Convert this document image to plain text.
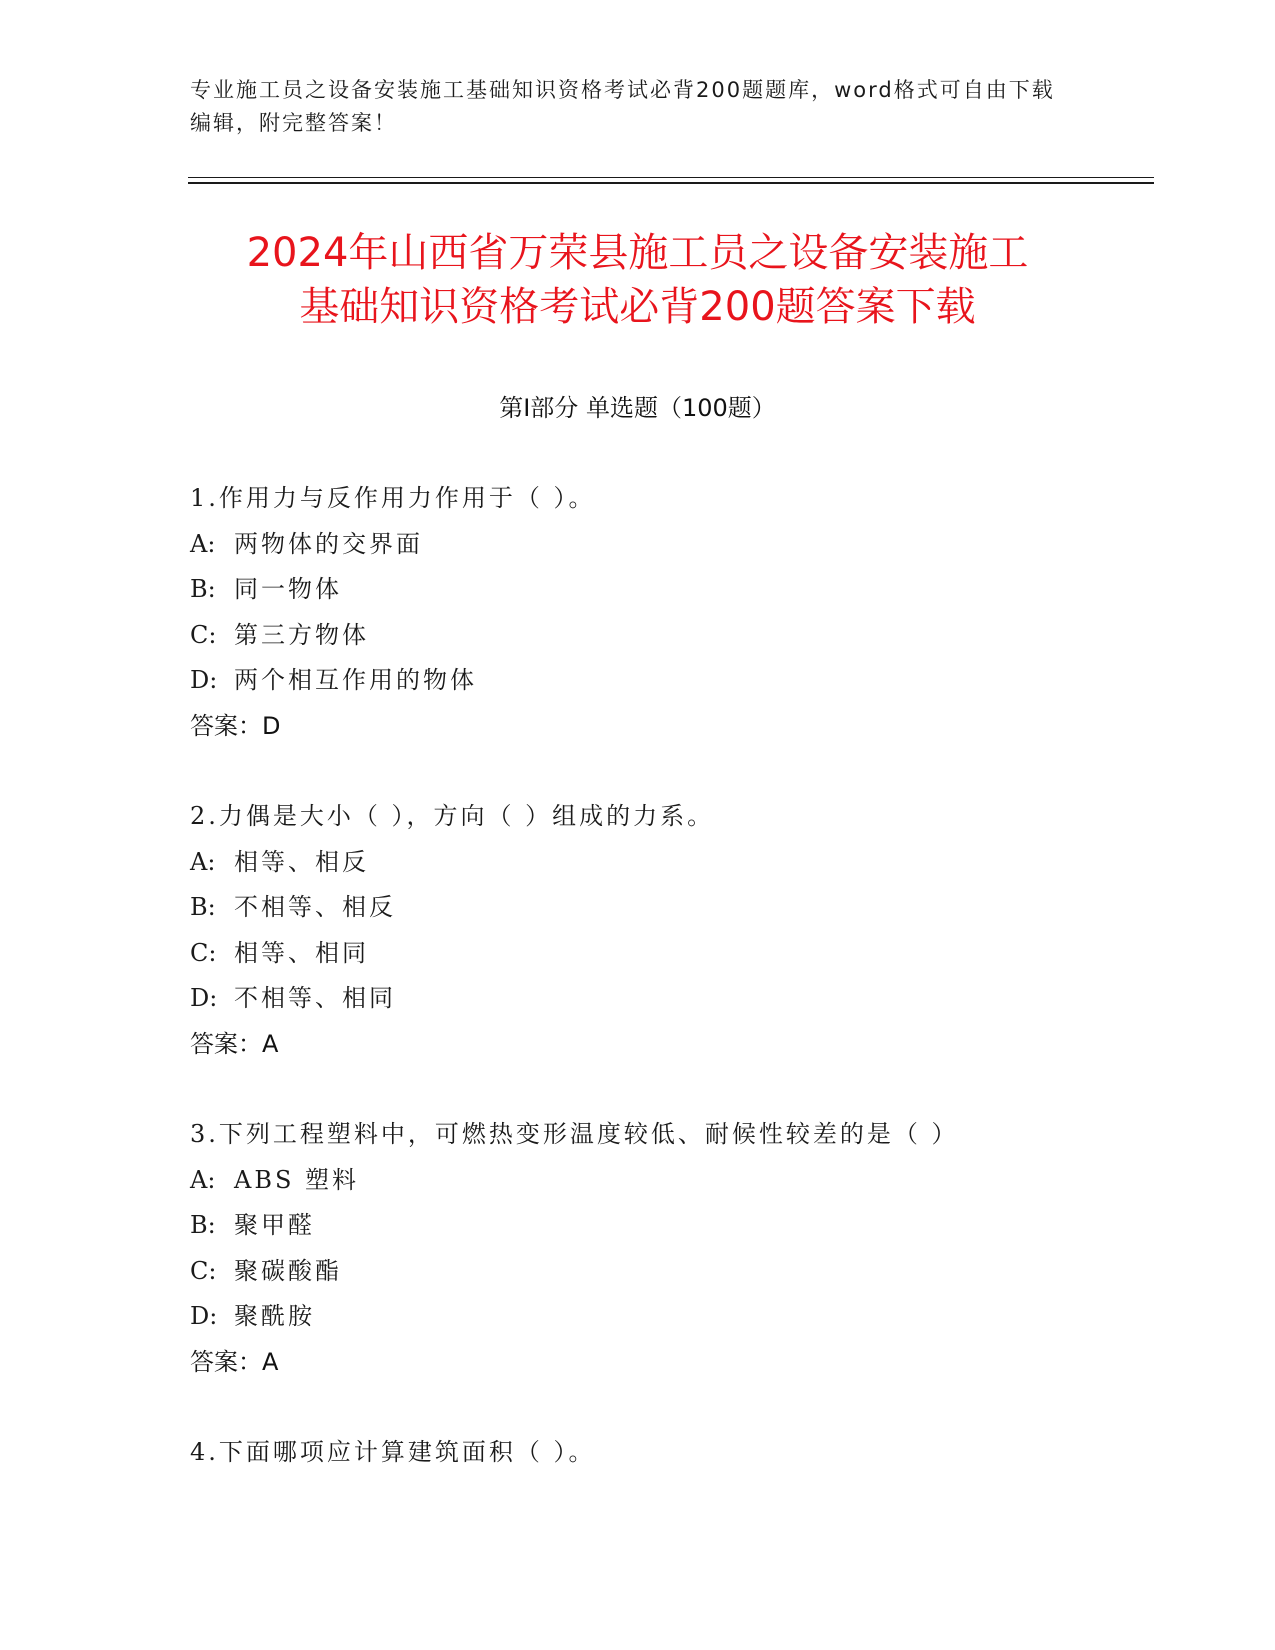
专业施工员之设备安装施工基础知识资格考试必背200题题库，word格式可自由下载编辑，附完整答案！

2024年山西省万荣县施工员之设备安装施工
基础知识资格考试必背200题答案下载
第I部分 单选题（100题）

1.作用力与反作用力作用于（ ）。

A: 两物体的交界面

B: 同一物体

C: 第三方物体

D: 两个相互作用的物体

答案：D

2.力偶是大小（ ），方向（ ）组成的力系。

A: 相等、相反

B: 不相等、相反

C: 相等、相同

D: 不相等、相同

答案：A

3.下列工程塑料中，可燃热变形温度较低、耐候性较差的是（ ）

A: ABS 塑料

B: 聚甲醛

C: 聚碳酸酯

D: 聚酰胺

答案：A

4.下面哪项应计算建筑面积（ ）。
